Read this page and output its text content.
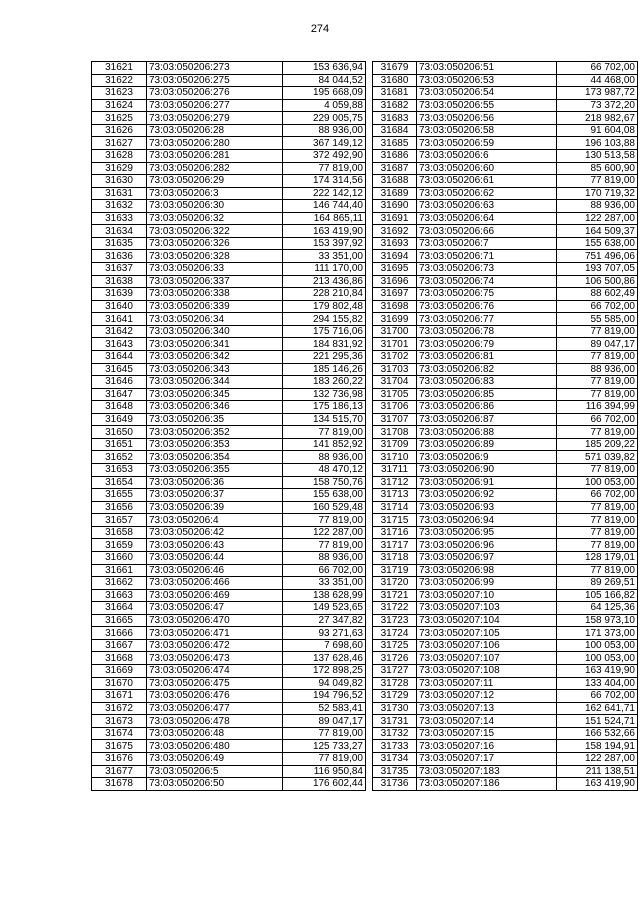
274
31621	73:03:050206:273	153 636,94
31622	73:03:050206:275	84 044,52
31623	73:03:050206:276	195 668,09
31624	73:03:050206:277	4 059,88
31625	73:03:050206:279	229 005,75
31626	73:03:050206:28	88 936,00
31627	73:03:050206:280	367 149,12
31628	73:03:050206:281	372 492,90
31629	73:03:050206:282	77 819,00
31630	73:03:050206:29	174 314,56
31631	73:03:050206:3	222 142,12
31632	73:03:050206:30	146 744,40
31633	73:03:050206:32	164 865,11
31634	73:03:050206:322	163 419,90
31635	73:03:050206:326	153 397,92
31636	73:03:050206:328	33 351,00
31637	73:03:050206:33	111 170,00
31638	73:03:050206:337	213 436,86
31639	73:03:050206:338	228 210,84
31640	73:03:050206:339	179 802,48
31641	73:03:050206:34	294 155,82
31642	73:03:050206:340	175 716,06
31643	73:03:050206:341	184 831,92
31644	73:03:050206:342	221 295,36
31645	73:03:050206:343	185 146,26
31646	73:03:050206:344	183 260,22
31647	73:03:050206:345	132 736,98
31648	73:03:050206:346	175 186,13
31649	73:03:050206:35	134 515,70
31650	73:03:050206:352	77 819,00
31651	73:03:050206:353	141 852,92
31652	73:03:050206:354	88 936,00
31653	73:03:050206:355	48 470,12
31654	73:03:050206:36	158 750,76
31655	73:03:050206:37	155 638,00
31656	73:03:050206:39	160 529,48
31657	73:03:050206:4	77 819,00
31658	73:03:050206:42	122 287,00
31659	73:03:050206:43	77 819,00
31660	73:03:050206:44	88 936,00
31661	73:03:050206:46	66 702,00
31662	73:03:050206:466	33 351,00
31663	73:03:050206:469	138 628,99
31664	73:03:050206:47	149 523,65
31665	73:03:050206:470	27 347,82
31666	73:03:050206:471	93 271,63
31667	73:03:050206:472	7 698,60
31668	73:03:050206:473	137 628,46
31669	73:03:050206:474	172 898,25
31670	73:03:050206:475	94 049,82
31671	73:03:050206:476	194 796,52
31672	73:03:050206:477	52 583,41
31673	73:03:050206:478	89 047,17
31674	73:03:050206:48	77 819,00
31675	73:03:050206:480	125 733,27
31676	73:03:050206:49	77 819,00
31677	73:03:050206:5	116 950,84
31678	73:03:050206:50	176 602,44
31679	73:03:050206:51	66 702,00
31680	73:03:050206:53	44 468,00
31681	73:03:050206:54	173 987,72
31682	73:03:050206:55	73 372,20
31683	73:03:050206:56	218 982,67
31684	73:03:050206:58	91 604,08
31685	73:03:050206:59	196 103,88
31686	73:03:050206:6	130 513,58
31687	73:03:050206:60	85 600,90
31688	73:03:050206:61	77 819,00
31689	73:03:050206:62	170 719,32
31690	73:03:050206:63	88 936,00
31691	73:03:050206:64	122 287,00
31692	73:03:050206:66	164 509,37
31693	73:03:050206:7	155 638,00
31694	73:03:050206:71	751 496,06
31695	73:03:050206:73	193 707,05
31696	73:03:050206:74	106 500,86
31697	73:03:050206:75	88 602,49
31698	73:03:050206:76	66 702,00
31699	73:03:050206:77	55 585,00
31700	73:03:050206:78	77 819,00
31701	73:03:050206:79	89 047,17
31702	73:03:050206:81	77 819,00
31703	73:03:050206:82	88 936,00
31704	73:03:050206:83	77 819,00
31705	73:03:050206:85	77 819,00
31706	73:03:050206:86	116 394,99
31707	73:03:050206:87	66 702,00
31708	73:03:050206:88	77 819,00
31709	73:03:050206:89	185 209,22
31710	73:03:050206:9	571 039,82
31711	73:03:050206:90	77 819,00
31712	73:03:050206:91	100 053,00
31713	73:03:050206:92	66 702,00
31714	73:03:050206:93	77 819,00
31715	73:03:050206:94	77 819,00
31716	73:03:050206:95	77 819,00
31717	73:03:050206:96	77 819,00
31718	73:03:050206:97	128 179,01
31719	73:03:050206:98	77 819,00
31720	73:03:050206:99	89 269,51
31721	73:03:050207:10	105 166,82
31722	73:03:050207:103	64 125,36
31723	73:03:050207:104	158 973,10
31724	73:03:050207:105	171 373,00
31725	73:03:050207:106	100 053,00
31726	73:03:050207:107	100 053,00
31727	73:03:050207:108	163 419,90
31728	73:03:050207:11	133 404,00
31729	73:03:050207:12	66 702,00
31730	73:03:050207:13	162 641,71
31731	73:03:050207:14	151 524,71
31732	73:03:050207:15	166 532,66
31733	73:03:050207:16	158 194,91
31734	73:03:050207:17	122 287,00
31735	73:03:050207:183	211 138,51
31736	73:03:050207:186	163 419,90
